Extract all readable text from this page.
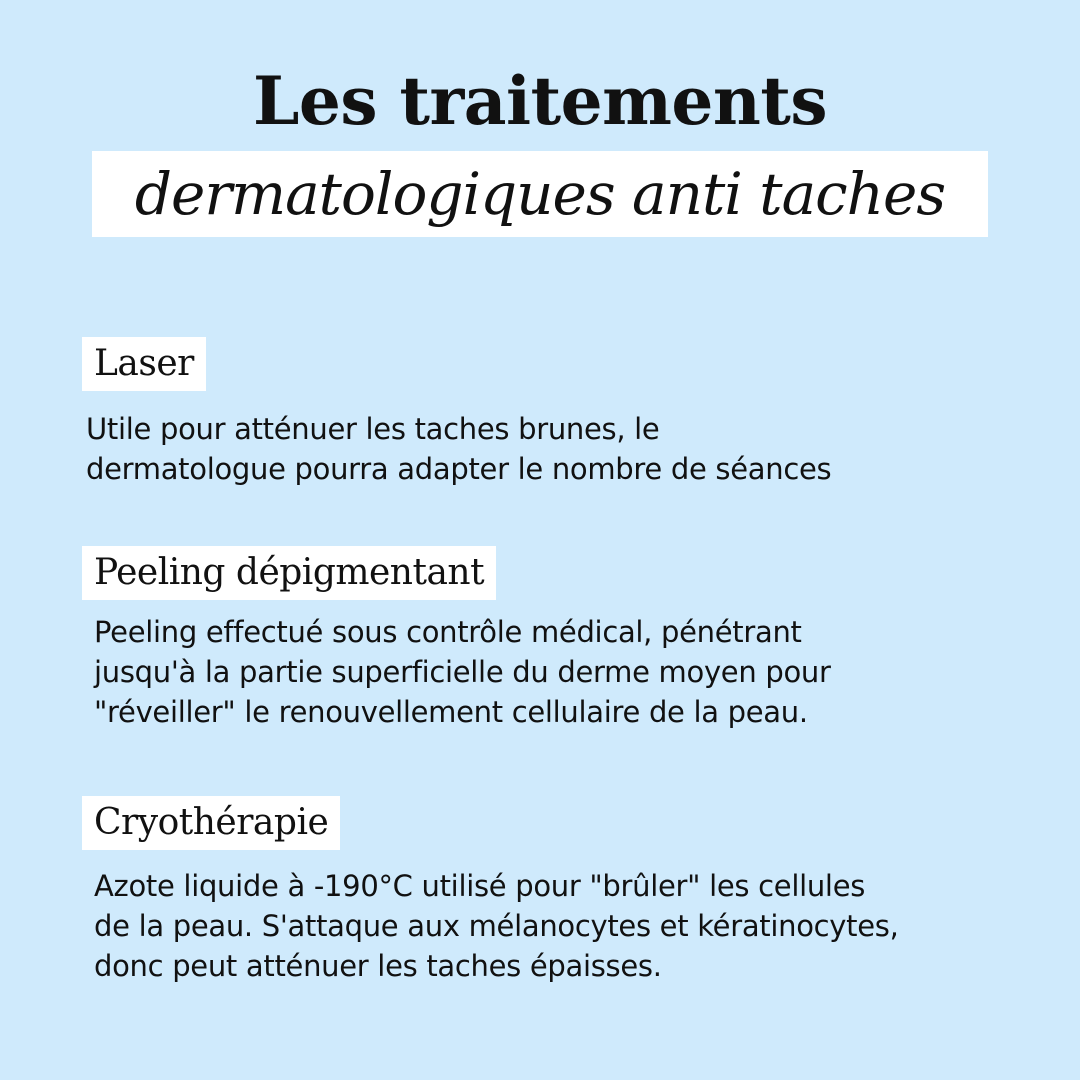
Les traitements
dermatologiques anti taches
Laser

Utile pour atténuer les taches brunes, le
dermatologue pourra adapter le nombre de séances

Peeling dépigmentant

Peeling effectué sous contrôle médical, pénétrant
jusqu'à la partie superficielle du derme moyen pour
"réveiller" le renouvellement cellulaire de la peau.

Cryothérapie

Azote liquide à -190°C utilisé pour "brûler" les cellules
de la peau. S'attaque aux mélanocytes et kératinocytes,
donc peut atténuer les taches épaisses.
